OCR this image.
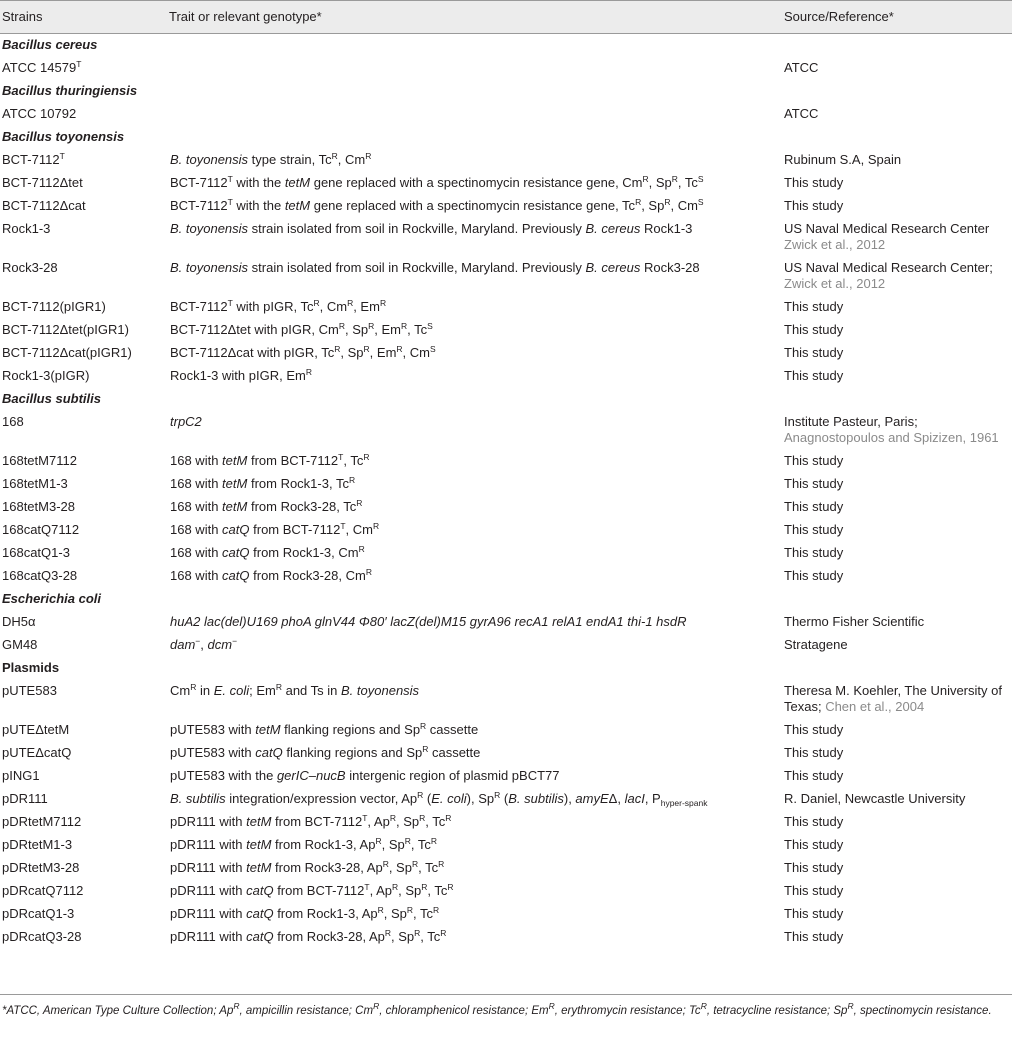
Strains	Trait or relevant genotype*	Source/Reference*
Bacillus cereus		
ATCC $14579^T$		ATCC
Bacillus thuringiensis		
ATCC 10792		ATCC
Bacillus toyonensis		
BCT-$7112^T$	B. toyonensis type strain, $Tc^R$, $Cm^R$	Rubinum S.A, Spain
BCT-7112Δtet	BCT-$7112^T$ with the tetM gene replaced with a spectinomycin resistance gene, $Cm^R$, $Sp^R$, $Tc^S$	This study
BCT-7112Δcat	BCT-$7112^T$ with the tetM gene replaced with a spectinomycin resistance gene, $Tc^R$, $Sp^R$, $Cm^S$	This study
Rock1-3	B. toyonensis strain isolated from soil in Rockville, Maryland. Previously B. cereus Rock1-3	US Naval Medical Research Center
Zwick et al., 2012
Rock3-28	B. toyonensis strain isolated from soil in Rockville, Maryland. Previously B. cereus Rock3-28	US Naval Medical Research Center;
Zwick et al., 2012
BCT-7112(pIGR1)	BCT-$7112^T$ with pIGR, $Tc^R$, $Cm^R$, $Em^R$	This study
BCT-7112Δtet(pIGR1)	BCT-7112Δtet with pIGR, $Cm^R$, $Sp^R$, $Em^R$, $Tc^S$	This study
BCT-7112Δcat(pIGR1)	BCT-7112Δcat with pIGR, $Tc^R$, $Sp^R$, $Em^R$, $Cm^S$	This study
Rock1-3(pIGR)	Rock1-3 with pIGR, $Em^R$	This study
Bacillus subtilis		
168	trpC2	Institute Pasteur, Paris;
Anagnostopoulos and Spizizen, 1961
168tetM7112	168 with tetM from BCT-$7112^T$, $Tc^R$	This study
168tetM1-3	168 with tetM from Rock1-3, $Tc^R$	This study
168tetM3-28	168 with tetM from Rock3-28, $Tc^R$	This study
168catQ7112	168 with catQ from BCT-$7112^T$, $Cm^R$	This study
168catQ1-3	168 with catQ from Rock1-3, $Cm^R$	This study
168catQ3-28	168 with catQ from Rock3-28, $Cm^R$	This study
Escherichia coli		
DH5α	huA2 lac(del)U169 phoA glnV44 Φ80′ lacZ(del)M15 gyrA96 recA1 relA1 endA1 thi-1 hsdR	Thermo Fisher Scientific
GM48	dam−, dcm−	Stratagene
Plasmids		
pUTE583	$Cm^R$ in E. coli; $Em^R$ and Ts in B. toyonensis	Theresa M. Koehler, The University of
Texas; Chen et al., 2004
pUTEΔtetM	pUTE583 with tetM flanking regions and $Sp^R$ cassette	This study
pUTEΔcatQ	pUTE583 with catQ flanking regions and $Sp^R$ cassette	This study
pING1	pUTE583 with the gerIC–nucB intergenic region of plasmid pBCT77	This study
pDR111	B. subtilis integration/expression vector, $Ap^R$ (E. coli), $Sp^R$ (B. subtilis), amyEΔ, lacI, $P_{hyper-spank}$	R. Daniel, Newcastle University
pDRtetM7112	pDR111 with tetM from BCT-$7112^T$, $Ap^R$, $Sp^R$, $Tc^R$	This study
pDRtetM1-3	pDR111 with tetM from Rock1-3, $Ap^R$, $Sp^R$, $Tc^R$	This study
pDRtetM3-28	pDR111 with tetM from Rock3-28, $Ap^R$, $Sp^R$, $Tc^R$	This study
pDRcatQ7112	pDR111 with catQ from BCT-$7112^T$, $Ap^R$, $Sp^R$, $Tc^R$	This study
pDRcatQ1-3	pDR111 with catQ from Rock1-3, $Ap^R$, $Sp^R$, $Tc^R$	This study
pDRcatQ3-28	pDR111 with catQ from Rock3-28, $Ap^R$, $Sp^R$, $Tc^R$	This study
*ATCC, American Type Culture Collection; $Ap^R$, ampicillin resistance; $Cm^R$, chloramphenicol resistance; $Em^R$, erythromycin resistance; $Tc^R$, tetracycline resistance; $Sp^R$, spectinomycin resistance.
